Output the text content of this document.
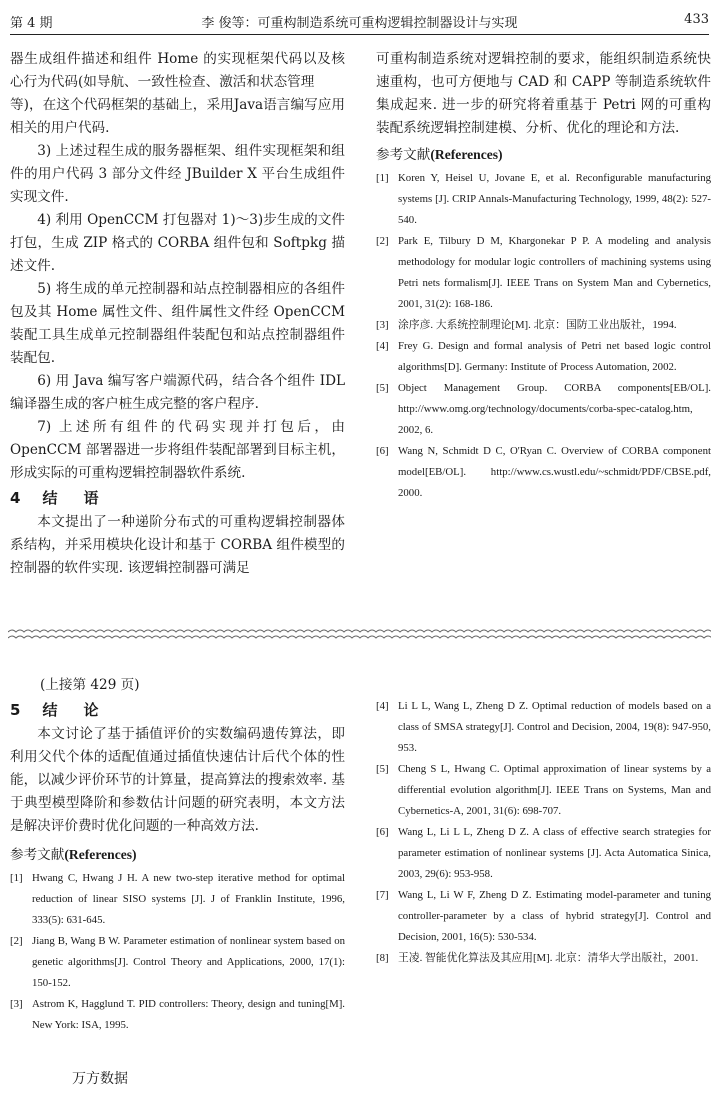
第 4 期	李 俊等：可重构制造系统可重构逻辑控制器设计与实现	433

器生成组件描述和组件 Home 的实现框架代码以及核心行为代码(如导航、一致性检查、激活和状态管理

等)，在这个代码框架的基础上，采用Java语言编写应用相关的用户代码.

3) 上述过程生成的服务器框架、组件实现框架和组件的用户代码 3 部分文件经 JBuilder X 平台生成组件实现文件.

4) 利用 OpenCCM 打包器对 1)～3)步生成的文件打包，生成 ZIP 格式的 CORBA 组件包和 Softpkg 描述文件.

5) 将生成的单元控制器和站点控制器相应的各组件包及其 Home 属性文件、组件属性文件经 OpenCCM 装配工具生成单元控制器组件装配包和站点控制器组件装配包.

6) 用 Java 编写客户端源代码，结合各个组件 IDL 编译器生成的客户桩生成完整的客户程序.

7) 上述所有组件的代码实现并打包后，由 OpenCCM 部署器进一步将组件装配部署到目标主机，形成实际的可重构逻辑控制器软件系统.

4 结语

本文提出了一种递阶分布式的可重构逻辑控制器体系结构，并采用模块化设计和基于 CORBA 组件模型的控制器的软件实现. 该逻辑控制器可满足

可重构制造系统对逻辑控制的要求，能组织制造系统快速重构，也可方便地与 CAD 和 CAPP 等制造系统软件集成起来. 进一步的研究将着重基于 Petri 网的可重构装配系统逻辑控制建模、分析、优化的理论和方法.

参考文献(References)

[1] Koren Y, Heisel U, Jovane E, et al. Reconfigurable manufacturing systems [J]. CRIP Annals-Manufacturing Technology, 1999, 48(2): 527-540.

[2] Park E, Tilbury D M, Khargonekar P P. A modeling and analysis methodology for modular logic controllers of machining systems using Petri nets formalism[J]. IEEE Trans on System Man and Cybernetics, 2001, 31(2): 168-186.

[3] 涂序彦. 大系统控制理论[M]. 北京：国防工业出版社，1994.

[4] Frey G. Design and formal analysis of Petri net based logic control algorithms[D]. Germany: Institute of Process Automation, 2002.

[5] Object Management Group. CORBA components[EB/OL]. http://www.omg.org/technology/documents/corba-spec-catalog.htm, 2002, 6.

[6] Wang N, Schmidt D C, O'Ryan C. Overview of CORBA component model[EB/OL]. http://www.cs.wustl.edu/~schmidt/PDF/CBSE.pdf, 2000.

(上接第 429 页)
5 结论

本文讨论了基于插值评价的实数编码遗传算法，即利用父代个体的适配值通过插值快速估计后代个体的性能，以减少评价环节的计算量，提高算法的搜索效率. 基于典型模型降阶和参数估计问题的研究表明，本文方法是解决评价费时优化问题的一种高效方法.

参考文献(References)

[1] Hwang C, Hwang J H. A new two-step iterative method for optimal reduction of linear SISO systems [J]. J of Franklin Institute, 1996, 333(5): 631-645.

[2] Jiang B, Wang B W. Parameter estimation of nonlinear system based on genetic algorithms[J]. Control Theory and Applications, 2000, 17(1): 150-152.

[3] Astrom K, Hagglund T. PID controllers: Theory, design and tuning[M]. New York: ISA, 1995.

[4] Li L L, Wang L, Zheng D Z. Optimal reduction of models based on a class of SMSA strategy[J]. Control and Decision, 2004, 19(8): 947-950, 953.

[5] Cheng S L, Hwang C. Optimal approximation of linear systems by a differential evolution algorithm[J]. IEEE Trans on Systems, Man and Cybernetics-A, 2001, 31(6): 698-707.

[6] Wang L, Li L L, Zheng D Z. A class of effective search strategies for parameter estimation of nonlinear systems [J]. Acta Automatica Sinica, 2003, 29(6): 953-958.

[7] Wang L, Li W F, Zheng D Z. Estimating model-parameter and tuning controller-parameter by a class of hybrid strategy[J]. Control and Decision, 2001, 16(5): 530-534.

[8] 王凌. 智能优化算法及其应用[M]. 北京：清华大学出版社，2001.

万方数据
